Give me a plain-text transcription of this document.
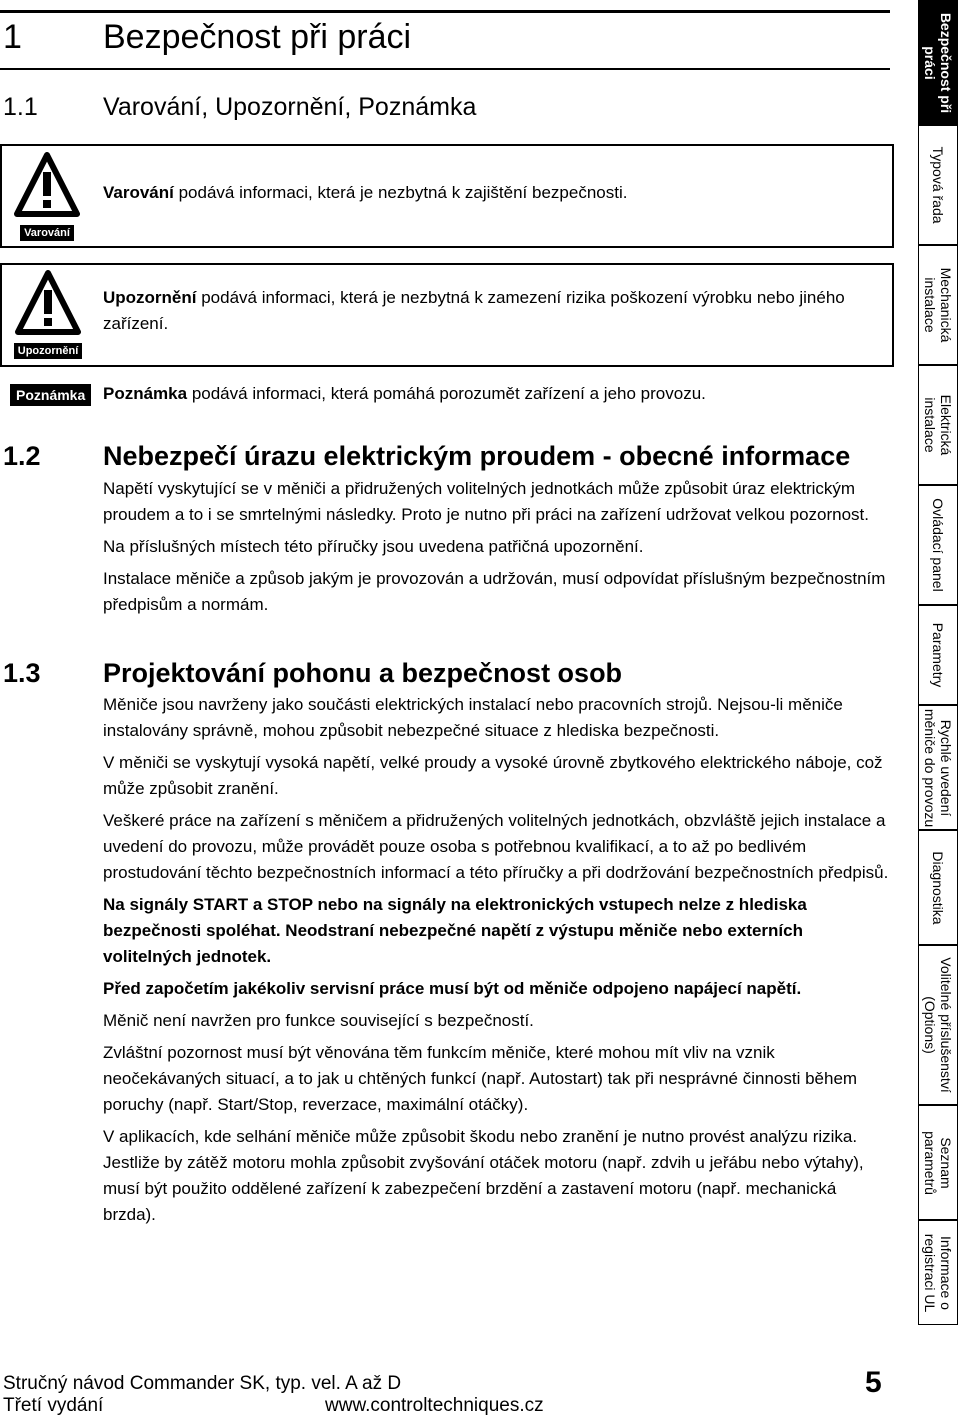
1 Bezpečnost při práci
1.1	Varování, Upozornění, Poznámka
Varování
Varování podává informaci, která je nezbytná k zajištění bezpečnosti.
Upozornění
Upozornění podává informaci, která je nezbytná k zamezení rizika poškození výrobku nebo jiného zařízení.
Poznámka	Poznámka podává informaci, která pomáhá porozumět zařízení a jeho provozu.
1.2 Nebezpečí úrazu elektrickým proudem - obecné informace

Napětí vyskytující se v měniči a přidružených volitelných jednotkách může způsobit úraz elektrickým proudem a to i se smrtelnými následky. Proto je nutno při práci na zařízení udržovat velkou pozornost.

Na příslušných místech této příručky jsou uvedena patřičná upozornění.

Instalace měniče a způsob jakým je provozován a udržován, musí odpovídat příslušným bezpečnostním předpisům a normám.

1.3 Projektování pohonu a bezpečnost osob

Měniče jsou navrženy jako součásti elektrických instalací nebo pracovních strojů. Nejsou-li měniče instalovány správně, mohou způsobit nebezpečné situace z hlediska bezpečnosti.

V měniči se vyskytují vysoká napětí, velké proudy a vysoké úrovně zbytkového elektrického náboje, což může způsobit zranění.

Veškeré práce na zařízení s měničem a přidružených volitelných jednotkách, obzvláště jejich instalace a uvedení do provozu, může provádět pouze osoba s potřebnou kvalifikací, a to až po bedlivém prostudování těchto bezpečnostních informací a této příručky a při dodržování bezpečnostních předpisů.

Na signály START a STOP nebo na signály na elektronických vstupech nelze z hlediska bezpečnosti spoléhat. Neodstraní nebezpečné napětí z výstupu měniče nebo externích volitelných jednotek.

Před započetím jakékoliv servisní práce musí být od měniče odpojeno napájecí napětí.

Měnič není navržen pro funkce související s bezpečností.

Zvláštní pozornost musí být věnována těm funkcím měniče, které mohou mít vliv na vznik neočekávaných situací, a to jak u chtěných funkcí (např. Autostart) tak při nesprávné činnosti během poruchy (např. Start/Stop, reverzace, maximální otáčky).

V aplikacích, kde selhání měniče může způsobit škodu nebo zranění je nutno provést analýzu rizika. Jestliže by zátěž motoru mohla způsobit zvyšování otáček motoru (např. zdvih u jeřábu nebo výtahy), musí být použito oddělené zařízení k zabezpečení brzdění a zastavení motoru (např. mechanická brzda).

Bezpečnost při
práci
Typová řada
Mechanická
instalace
Elektrická
instalace
Ovládací panel
Parametry
Rychlé uvedení
měniče do provozu
Diagnostika
Volitelné příslušenství
(Options)
Seznam
parametrů
Informace o
registraci UL
Stručný návod Commander SK, typ. vel. A až D
Třetí vydání	www.controltechniques.cz
5
